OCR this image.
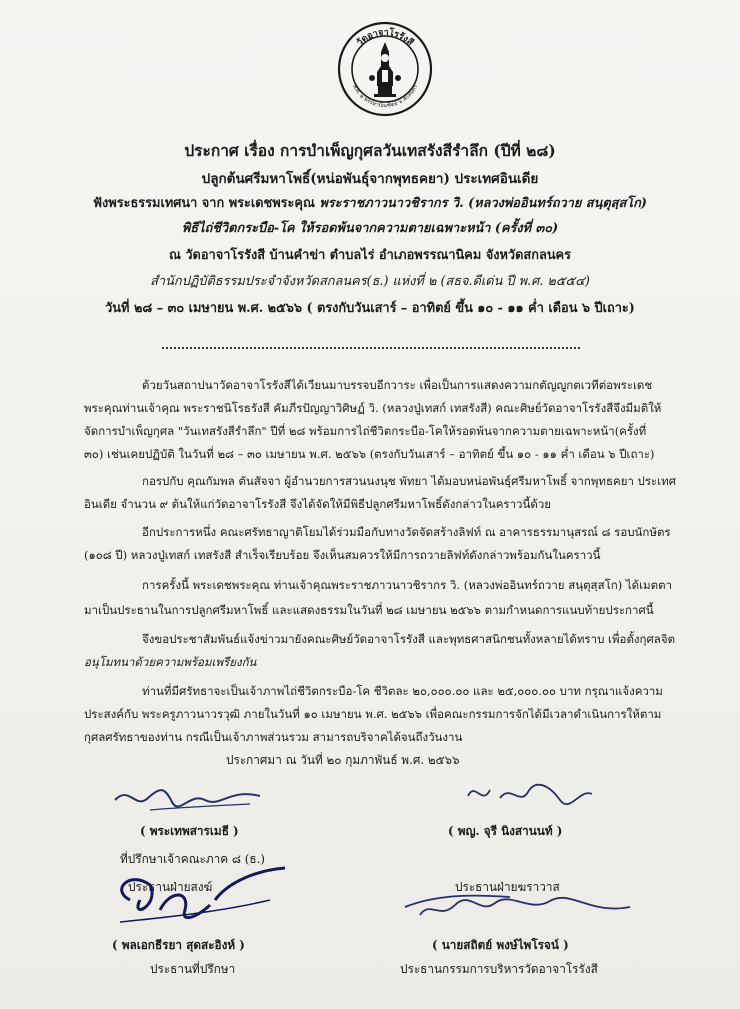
วัดอาจาโรรังสี
พ.ศ. ๒ พรรษาบัณฑิตย์ ๖ สกลนคร
ประกาศ เรื่อง การบำเพ็ญกุศลวันเทสรังสีรำลึก (ปีที่ ๒๘)
ปลูกต้นศรีมหาโพธิ์(หน่อพันธุ์จากพุทธคยา) ประเทศอินเดีย
ฟังพระธรรมเทศนา จาก พระเดชพระคุณ พระราชภาวนาวชิรากร วิ. (หลวงพ่ออินทร์ถวาย สนฺตุสฺสโก)
พิธีไถ่ชีวิตกระบือ-โค ให้รอดพ้นจากความตายเฉพาะหน้า (ครั้งที่ ๓๐)
ณ วัดอาจาโรรังสี บ้านคำข่า ตำบลไร่ อำเภอพรรณานิคม จังหวัดสกลนคร
สำนักปฏิบัติธรรมประจำจังหวัดสกลนคร(ธ.) แห่งที่ ๒ (สธจ.ดีเด่น ปี พ.ศ. ๒๕๕๔)
วันที่ ๒๘ – ๓๐ เมษายน พ.ศ. ๒๕๖๖ ( ตรงกับวันเสาร์ – อาทิตย์ ขึ้น ๑๐ - ๑๑ ค่ำ เดือน ๖ ปีเถาะ)
ด้วยวันสถาปนาวัดอาจาโรรังสีได้เวียนมาบรรจบอีกวาระ เพื่อเป็นการแสดงความกตัญญูกตเวทีต่อพระเดช
พระคุณท่านเจ้าคุณ พระราชนิโรธรังสี คัมภีรปัญญาวิศิษฏ์ วิ. (หลวงปู่เทสก์ เทสรังสี) คณะศิษย์วัดอาจาโรรังสีจึงมีมติให้
จัดการบำเพ็ญกุศล "วันเทสรังสีรำลึก" ปีที่ ๒๘ พร้อมการไถ่ชีวิตกระบือ-โคให้รอดพ้นจากความตายเฉพาะหน้า(ครั้งที่
๓๐) เช่นเคยปฏิบัติ ในวันที่ ๒๘ – ๓๐ เมษายน พ.ศ. ๒๕๖๖ (ตรงกับวันเสาร์ – อาทิตย์ ขึ้น ๑๐ - ๑๑ ค่ำ เดือน ๖ ปีเถาะ)
กอรปกับ คุณกัมพล ตันสัจจา ผู้อำนวยการสวนนงนุช พัทยา ได้มอบหน่อพันธุ์ศรีมหาโพธิ์ จากพุทธคยา ประเทศ
อินเดีย จำนวน ๙ ต้นให้แก่วัดอาจาโรรังสี จึงได้จัดให้มีพิธีปลูกศรีมหาโพธิ์ดังกล่าวในคราวนี้ด้วย
อีกประการหนึ่ง คณะศรัทธาญาติโยมได้ร่วมมือกับทางวัดจัดสร้างลิฟท์ ณ อาคารธรรมานุสรณ์ ๘ รอบนักษัตร
(๑๐๘ ปี) หลวงปู่เทสก์ เทสรังสี สำเร็จเรียบร้อย จึงเห็นสมควรให้มีการถวายลิฟท์ดังกล่าวพร้อมกันในคราวนี้
การครั้งนี้ พระเดชพระคุณ ท่านเจ้าคุณพระราชภาวนาวชิรากร วิ. (หลวงพ่ออินทร์ถวาย สนฺตุสฺสโก) ได้เมตตา
มาเป็นประธานในการปลูกศรีมหาโพธิ์ และแสดงธรรมในวันที่ ๒๘ เมษายน ๒๕๖๖ ตามกำหนดการแนบท้ายประกาศนี้
จึงขอประชาสัมพันธ์แจ้งข่าวมายังคณะศิษย์วัดอาจาโรรังสี และพุทธศาสนิกชนทั้งหลายได้ทราบ เพื่อตั้งกุศลจิต
อนุโมทนาด้วยความพร้อมเพรียงกัน
ท่านที่มีศรัทธาจะเป็นเจ้าภาพไถ่ชีวิตกระบือ-โค ชีวิตละ ๒๐,๐๐๐.๐๐ และ ๒๕,๐๐๐.๐๐ บาท กรุณาแจ้งความ
ประสงค์กับ พระครูภาวนาวรวุฒิ ภายในวันที่ ๑๐ เมษายน พ.ศ. ๒๕๖๖ เพื่อคณะกรรมการจักได้มีเวลาดำเนินการให้ตาม
กุศลศรัทธาของท่าน กรณีเป็นเจ้าภาพส่วนรวม สามารถบริจาคได้จนถึงวันงาน
ประกาศมา ณ วันที่ ๒๐ กุมภาพันธ์ พ.ศ. ๒๕๖๖
( พระเทพสารเมธี )
ที่ปรึกษาเจ้าคณะภาค ๘ (ธ.)
ประธานฝ่ายสงฆ์
( พญ. จุรี นิงสานนท์ )
ประธานฝ่ายฆราวาส
( พลเอกธีรยา สุดสะอิงห์ )
ประธานที่ปรึกษา
( นายสถิตย์ พงษ์ไพโรจน์ )
ประธานกรรมการบริหารวัดอาจาโรรังสี
